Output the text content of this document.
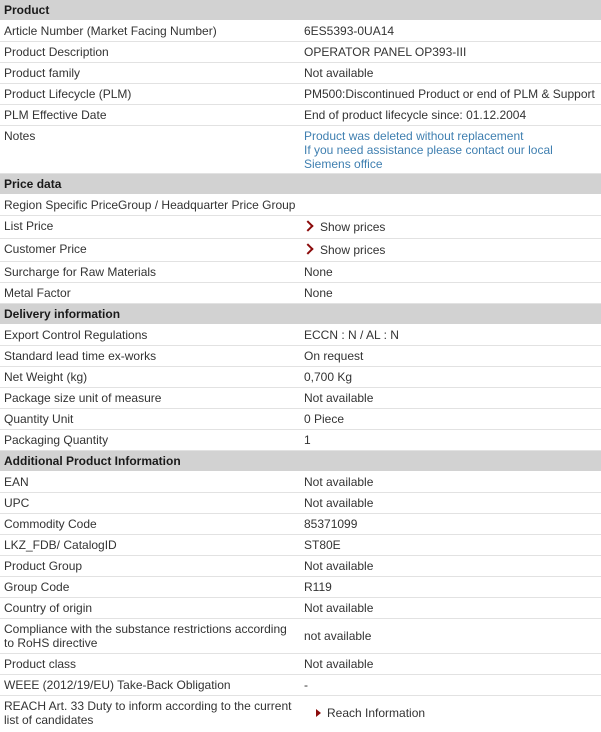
Product
Article Number (Market Facing Number)	6ES5393-0UA14
Product Description	OPERATOR PANEL OP393-III
Product family	Not available
Product Lifecycle (PLM)	PM500:Discontinued Product or end of PLM & Support
PLM Effective Date	End of product lifecycle since: 01.12.2004
Notes	Product was deleted without replacement
If you need assistance please contact our local
Siemens office
Price data
Region Specific PriceGroup / Headquarter Price Group
List Price	Show prices
Customer Price	Show prices
Surcharge for Raw Materials	None
Metal Factor	None
Delivery information
Export Control Regulations	ECCN : N / AL : N
Standard lead time ex-works	On request
Net Weight (kg)	0,700 Kg
Package size unit of measure	Not available
Quantity Unit	0 Piece
Packaging Quantity	1
Additional Product Information
EAN	Not available
UPC	Not available
Commodity Code	85371099
LKZ_FDB/ CatalogID	ST80E
Product Group	Not available
Group Code	R119
Country of origin	Not available
Compliance with the substance restrictions according to RoHS directive	not available
Product class	Not available
WEEE (2012/19/EU) Take-Back Obligation	-
REACH Art. 33 Duty to inform according to the current list of candidates	Reach Information
